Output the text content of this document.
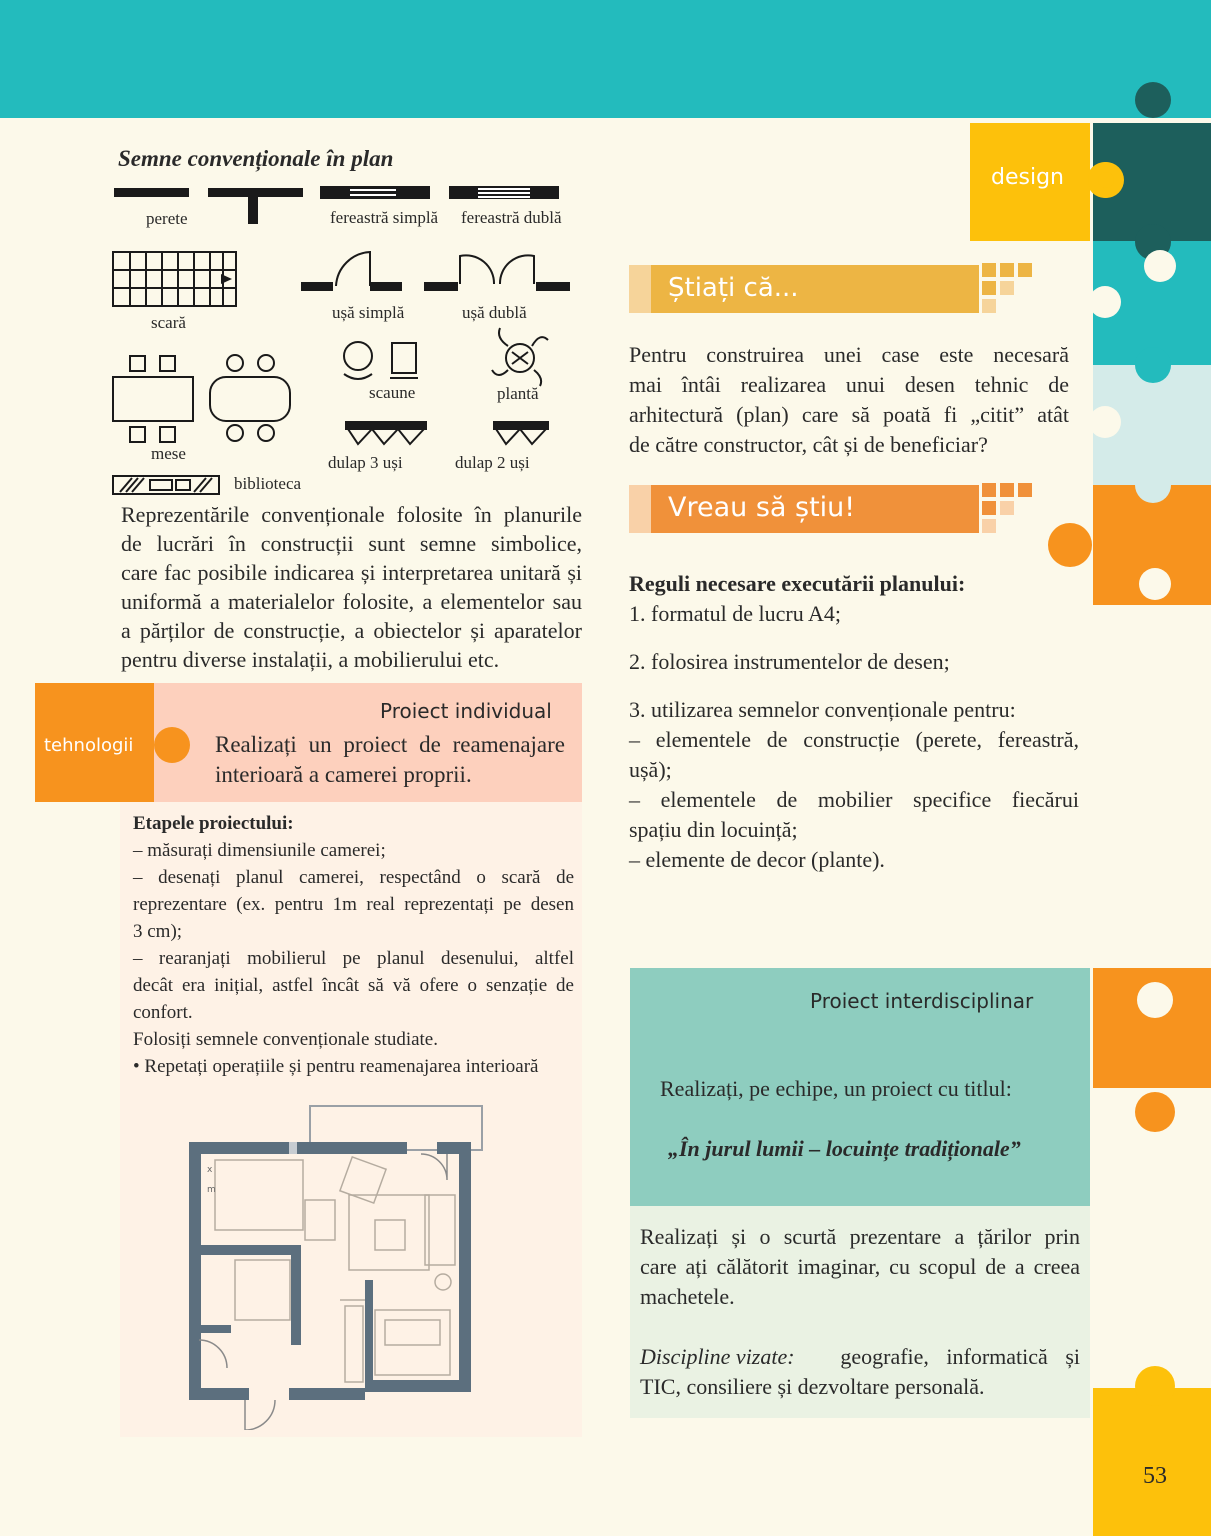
design
Semne convenționale în plan
perete	fereastră simplă fereastră dublă
scară
ușă simplă	ușă dublă
scaune	plantă
mese	dulap 3 uși	dulap 2 uși
biblioteca
Reprezentările convenționale folosite în planurile
de lucrări în construcții sunt semne simbolice,
care fac posibile indicarea și interpretarea unitară și
uniformă a materialelor folosite, a elementelor sau
a părților de construcție, a obiectelor și aparatelor
pentru diverse instalații, a mobilierului etc.
tehnologii
Proiect individual
Realizați un proiect de reamenajare
interioară a camerei proprii.
Etapele proiectului:
– măsurați dimensiunile camerei;
– desenați planul camerei, respectând o scară de
reprezentare (ex. pentru 1m real reprezentați pe desen
3 cm);
– rearanjați mobilierul pe planul desenului, altfel
decât era inițial, astfel încât să vă ofere o senzație de
confort.
Folosiți semnele convenționale studiate.
• Repetați operațiile și pentru reamenajarea interioară
x
m
Știați că...
Pentru construirea unei case este necesară
mai întâi realizarea unui desen tehnic de
arhitectură (plan) care să poată fi „citit” atât
de către constructor, cât și de beneficiar?
Vreau să știu!
Reguli necesare executării planului:
1. formatul de lucru A4;
2. folosirea instrumentelor de desen;
3. utilizarea semnelor convenționale pentru:
– elementele de construcție (perete, fereastră,
ușă);
– elementele de mobilier specifice fiecărui
spațiu din locuință;
– elemente de decor (plante).
Proiect interdisciplinar
Realizați, pe echipe, un proiect cu titlul:
„În jurul lumii – locuințe tradiționale”
Realizați și o scurtă prezentare a țărilor prin
care ați călătorit imaginar, cu scopul de a creea
machetele.
Discipline vizate: geografie, informatică și
TIC, consiliere și dezvoltare personală.
53
